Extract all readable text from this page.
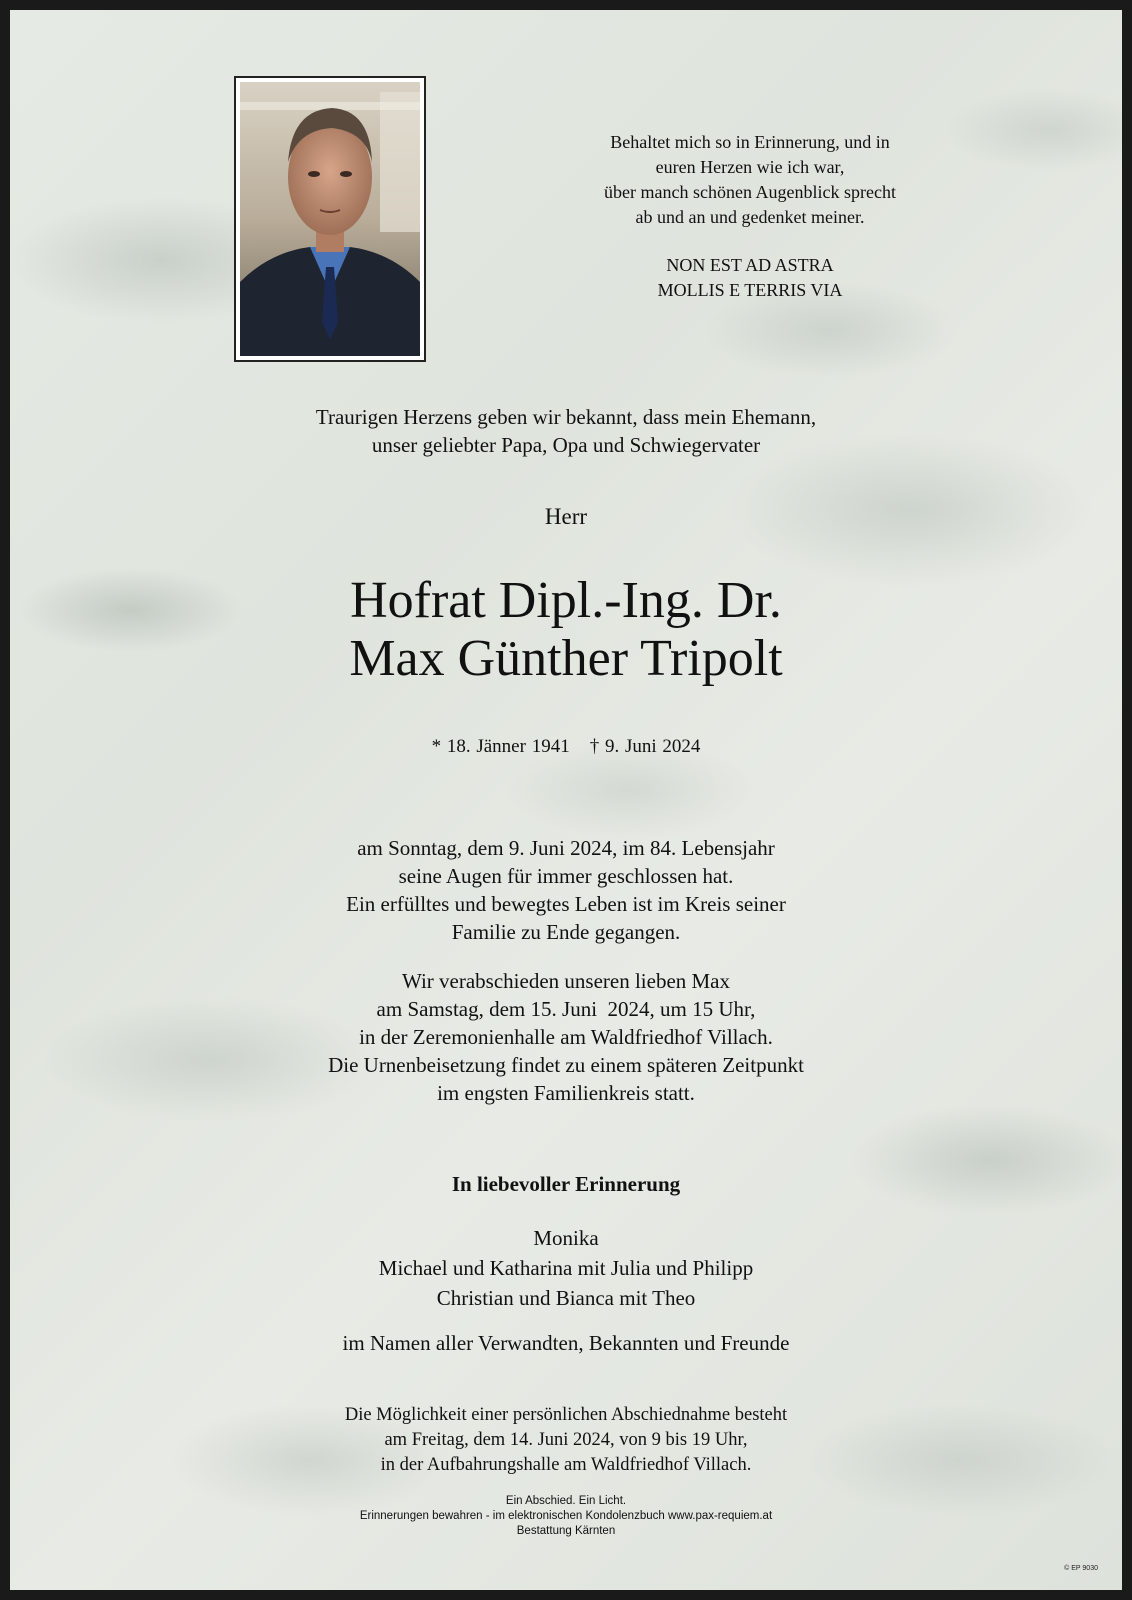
Behaltet mich so in Erinnerung, und in

euren Herzen wie ich war,

über manch schönen Augenblick sprecht

ab und an und gedenket meiner.

NON EST AD ASTRA

MOLLIS E TERRIS VIA

Traurigen Herzens geben wir bekannt, dass mein Ehemann,
unser geliebter Papa, Opa und Schwiegervater
Herr
Hofrat Dipl.-Ing. Dr.
Max Günther Tripolt
* 18. Jänner 1941 † 9. Juni 2024
am Sonntag, dem 9. Juni 2024, im 84. Lebensjahr
seine Augen für immer geschlossen hat.
Ein erfülltes und bewegtes Leben ist im Kreis seiner
Familie zu Ende gegangen.
Wir verabschieden unseren lieben Max
am Samstag, dem 15. Juni  2024, um 15 Uhr,
in der Zeremonienhalle am Waldfriedhof Villach.
Die Urnenbeisetzung findet zu einem späteren Zeitpunkt
im engsten Familienkreis statt.
In liebevoller Erinnerung
Monika
Michael und Katharina mit Julia und Philipp
Christian und Bianca mit Theo
im Namen aller Verwandten, Bekannten und Freunde
Die Möglichkeit einer persönlichen Abschiednahme besteht
am Freitag, dem 14. Juni 2024, von 9 bis 19 Uhr,
in der Aufbahrungshalle am Waldfriedhof Villach.
Ein Abschied. Ein Licht.
Erinnerungen bewahren - im elektronischen Kondolenzbuch www.pax-requiem.at
Bestattung Kärnten
© EP 9030
